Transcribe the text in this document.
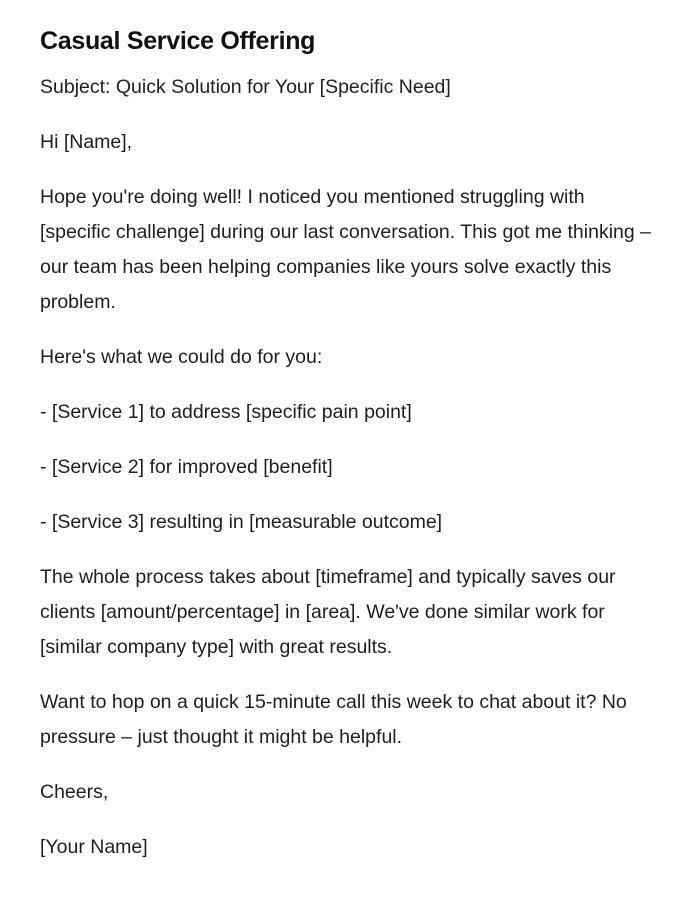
Casual Service Offering

Subject: Quick Solution for Your [Specific Need]

Hi [Name],

Hope you're doing well! I noticed you mentioned struggling with [specific challenge] during our last conversation. This got me thinking – our team has been helping companies like yours solve exactly this problem.

Here's what we could do for you:

- [Service 1] to address [specific pain point]

- [Service 2] for improved [benefit]

- [Service 3] resulting in [measurable outcome]

The whole process takes about [timeframe] and typically saves our clients [amount/percentage] in [area]. We've done similar work for [similar company type] with great results.

Want to hop on a quick 15-minute call this week to chat about it? No pressure – just thought it might be helpful.

Cheers,

[Your Name]
